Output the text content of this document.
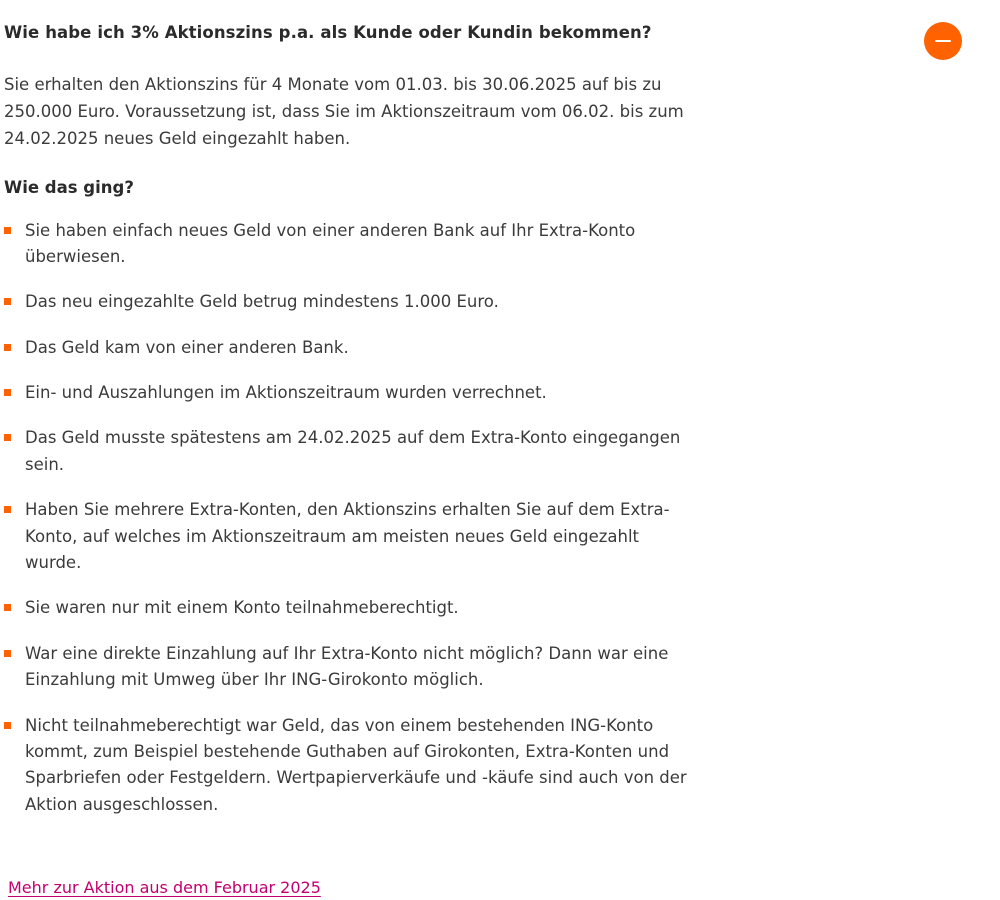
Wie habe ich 3% Aktionszins p.a. als Kunde oder Kundin bekommen?

Sie erhalten den Aktionszins für 4 Monate vom 01.03. bis 30.06.2025 auf bis zu 250.000 Euro. Voraussetzung ist, dass Sie im Aktionszeitraum vom 06.02. bis zum 24.02.2025 neues Geld eingezahlt haben.

Wie das ging?
Sie haben einfach neues Geld von einer anderen Bank auf Ihr Extra-Konto überwiesen.
Das neu eingezahlte Geld betrug mindestens 1.000 Euro.
Das Geld kam von einer anderen Bank.
Ein- und Auszahlungen im Aktionszeitraum wurden verrechnet.
Das Geld musste spätestens am 24.02.2025 auf dem Extra-Konto eingegangen sein.
Haben Sie mehrere Extra-Konten, den Aktionszins erhalten Sie auf dem Extra-Konto, auf welches im Aktionszeitraum am meisten neues Geld eingezahlt wurde.
Sie waren nur mit einem Konto teilnahmeberechtigt.
War eine direkte Einzahlung auf Ihr Extra-Konto nicht möglich? Dann war eine Einzahlung mit Umweg über Ihr ING-Girokonto möglich.
Nicht teilnahmeberechtigt war Geld, das von einem bestehenden ING-Konto kommt, zum Beispiel bestehende Guthaben auf Girokonten, Extra-Konten und Sparbriefen oder Festgeldern. Wertpapierverkäufe und -käufe sind auch von der Aktion ausgeschlossen.
Mehr zur Aktion aus dem Februar 2025
